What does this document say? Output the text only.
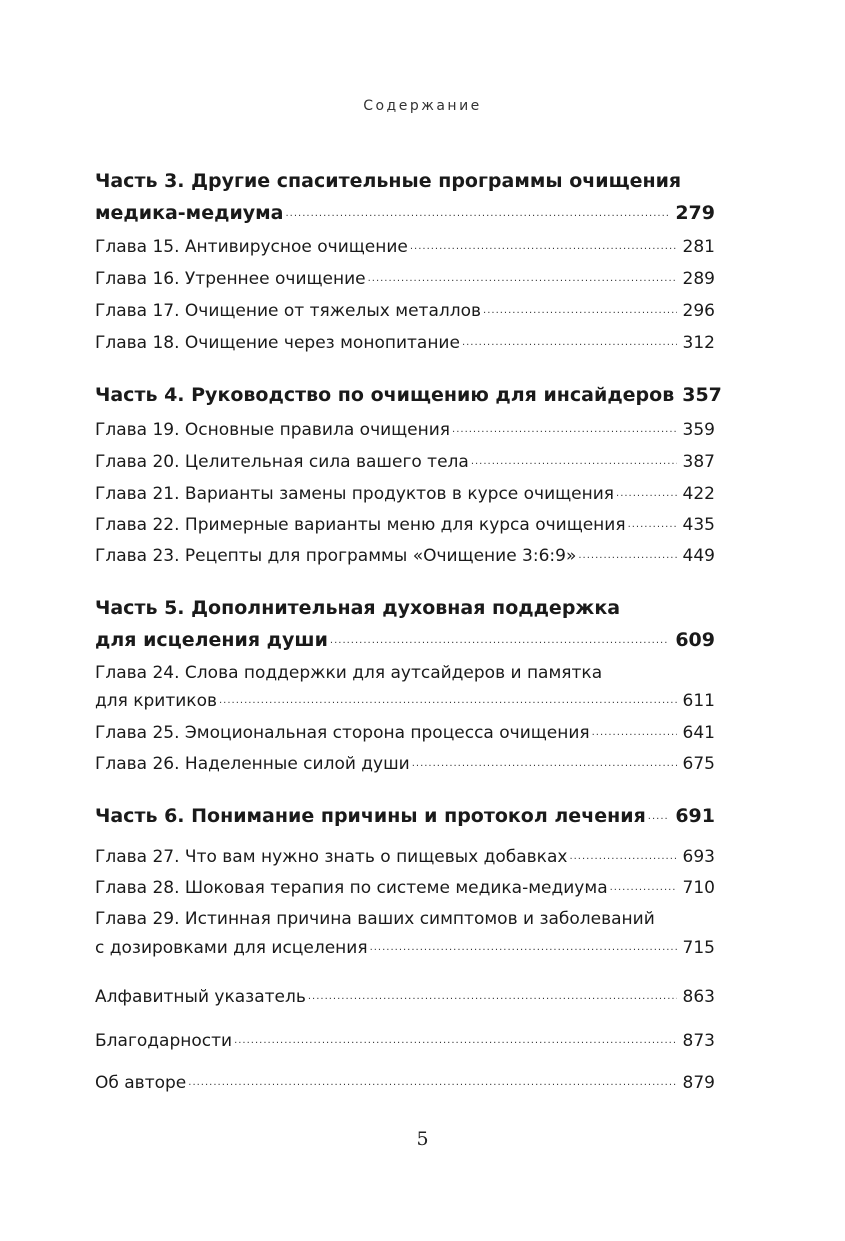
Содержание
Часть 3. Другие спасительные программы очищения
медика-медиума .....	279
Глава 15. Антивирусное очищение .....	281
Глава 16. Утреннее очищение .....	289
Глава 17. Очищение от тяжелых металлов .....	296
Глава 18. Очищение через монопитание .....	312
Часть 4. Руководство по очищению для инсайдеров 357
Глава 19. Основные правила очищения .....	359
Глава 20. Целительная сила вашего тела .....	387
Глава 21. Варианты замены продуктов в курсе очищения .....	422
Глава 22. Примерные варианты меню для курса очищения .....	435
Глава 23. Рецепты для программы «Очищение 3:6:9» .....	449
Часть 5. Дополнительная духовная поддержка
для исцеления души .....	609
Глава 24. Слова поддержки для аутсайдеров и памятка
для критиков .....	611
Глава 25. Эмоциональная сторона процесса очищения .....	641
Глава 26. Наделенные силой души .....	675
Часть 6. Понимание причины и протокол лечения ..... 691
Глава 27. Что вам нужно знать о пищевых добавках .....	693
Глава 28. Шоковая терапия по системе медика-медиума .....	710
Глава 29. Истинная причина ваших симптомов и заболеваний
с дозировками для исцеления .....	715
Алфавитный указатель .....	863
Благодарности .....	873
Об авторе .....	879
5
